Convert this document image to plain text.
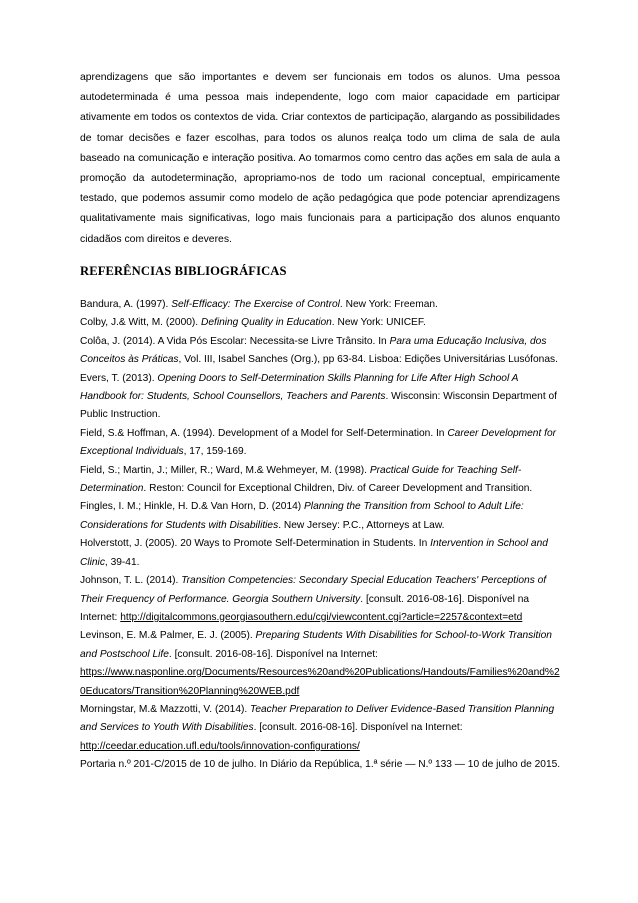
aprendizagens que são importantes e devem ser funcionais em todos os alunos. Uma pessoa autodeterminada é uma pessoa mais independente, logo com maior capacidade em participar ativamente em todos os contextos de vida. Criar contextos de participação, alargando as possibilidades de tomar decisões e fazer escolhas, para todos os alunos realça todo um clima de sala de aula baseado na comunicação e interação positiva. Ao tomarmos como centro das ações em sala de aula a promoção da autodeterminação, apropriamo-nos de todo um racional conceptual, empiricamente testado, que podemos assumir como modelo de ação pedagógica que pode potenciar aprendizagens qualitativamente mais significativas, logo mais funcionais para a participação dos alunos enquanto cidadãos com direitos e deveres.

REFERÊNCIAS BIBLIOGRÁFICAS

Bandura, A. (1997). Self-Efficacy: The Exercise of Control. New York: Freeman.

Colby, J.& Witt, M. (2000). Defining Quality in Education. New York: UNICEF.

Colôa, J. (2014). A Vida Pós Escolar: Necessita-se Livre Trânsito. In Para uma Educação Inclusiva, dos Conceitos às Práticas, Vol. III, Isabel Sanches (Org.), pp 63-84. Lisboa: Edições Universitárias Lusófonas.

Evers, T. (2013). Opening Doors to Self-Determination Skills Planning for Life After High School A Handbook for: Students, School Counsellors, Teachers and Parents. Wisconsin: Wisconsin Department of Public Instruction.

Field, S.& Hoffman, A. (1994). Development of a Model for Self-Determination. In Career Development for Exceptional Individuals, 17, 159-169.

Field, S.; Martin, J.; Miller, R.; Ward, M.& Wehmeyer, M. (1998). Practical Guide for Teaching Self-Determination. Reston: Council for Exceptional Children, Div. of Career Development and Transition.

Fingles, I. M.; Hinkle, H. D.& Van Horn, D. (2014) Planning the Transition from School to Adult Life: Considerations for Students with Disabilities. New Jersey: P.C., Attorneys at Law.

Holverstott, J. (2005). 20 Ways to Promote Self-Determination in Students. In Intervention in School and Clinic, 39-41.

Johnson, T. L. (2014). Transition Competencies: Secondary Special Education Teachers' Perceptions of Their Frequency of Performance. Georgia Southern University. [consult. 2016-08-16]. Disponível na Internet: http://digitalcommons.georgiasouthern.edu/cgi/viewcontent.cgi?article=2257&context=etd

Levinson, E. M.& Palmer, E. J. (2005). Preparing Students With Disabilities for School-to-Work Transition and Postschool Life. [consult. 2016-08-16]. Disponível na Internet:
https://www.nasponline.org/Documents/Resources%20and%20Publications/Handouts/Families%20and%20Educators/Transition%20Planning%20WEB.pdf

Morningstar, M.& Mazzotti, V. (2014). Teacher Preparation to Deliver Evidence-Based Transition Planning and Services to Youth With Disabilities. [consult. 2016-08-16]. Disponível na Internet:
http://ceedar.education.ufl.edu/tools/innovation-configurations/

Portaria n.º 201-C/2015 de 10 de julho. In Diário da República, 1.ª série — N.º 133 — 10 de julho de 2015.
